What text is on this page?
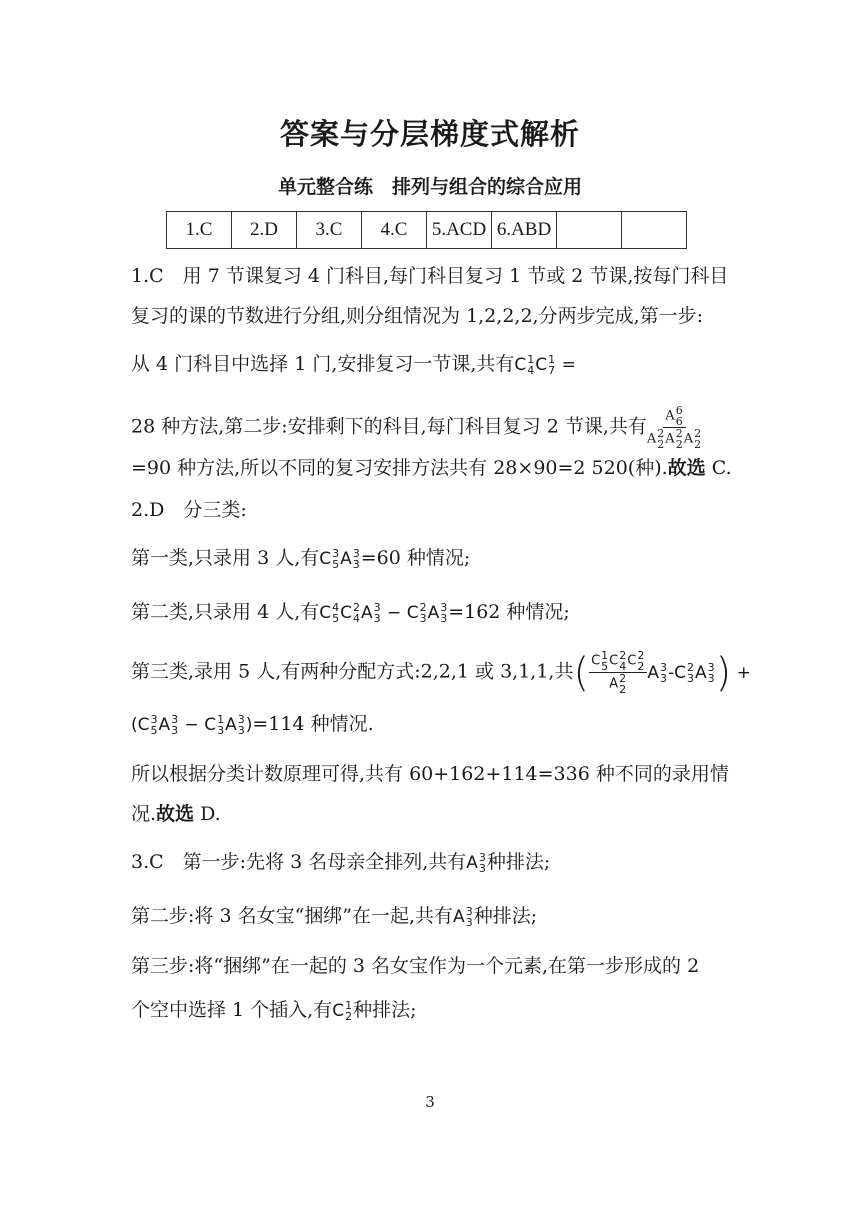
答案与分层梯度式解析
单元整合练　排列与组合的综合应用
1.C	2.D	3.C	4.C	5.ACD	6.ABD		
1.C　用 7 节课复习 4 门科目,每门科目复习 1 节或 2 节课,按每门科目
复习的课的节数进行分组,则分组情况为 1,2,2,2,分两步完成,第一步:
从 4 门科目中选择 1 门,安排复习一节课,共有C 1
4 C 1
7 =
28 种方法,第二步:安排剩下的科目,每门科目复习 2 节课,共有 A 6
6
A 2
2 A 2
2 A 2
2
=90 种方法,所以不同的复习安排方法共有 28×90=2 520(种).故选 C.
2.D　分三类:
第一类,只录用 3 人,有C 3
5 A 3
3 =60 种情况;
第二类,只录用 4 人,有C 4
5 C 2
4 A 3
3 − C 2
3 A 3
3 =162 种情况;
第三类,录用 5 人,有两种分配方式:2,2,1 或 3,1,1,共( C 1
5 C 2
4 C 2
2
A 2
2 A 3
3 -C 2
3 A 3
3 ) +
(C 3
5 A 3
3 − C 1
3 A 3
3 )=114 种情况.
所以根据分类计数原理可得,共有 60+162+114=336 种不同的录用情
况.故选 D.
3.C　第一步:先将 3 名母亲全排列,共有A 3
3 种排法;
第二步:将 3 名女宝“捆绑”在一起,共有A 3
3 种排法;
第三步:将“捆绑”在一起的 3 名女宝作为一个元素,在第一步形成的 2
个空中选择 1 个插入,有C 1
2 种排法;
3
